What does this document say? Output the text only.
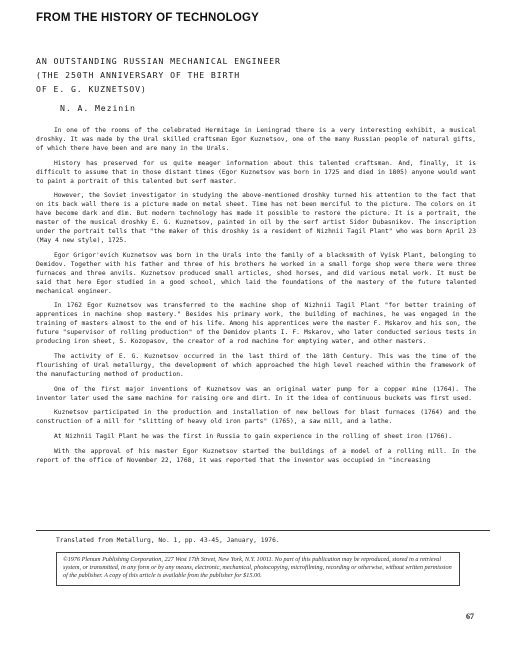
FROM THE HISTORY OF TECHNOLOGY
AN OUTSTANDING RUSSIAN MECHANICAL ENGINEER
(THE 250TH ANNIVERSARY OF THE BIRTH
OF E. G. KUZNETSOV)
N. A. Mezinin

In one of the rooms of the celebrated Hermitage in Leningrad there is a very interesting exhibit, a musical droshky. It was made by the Ural skilled craftsman Egor Kuznetsov, one of the many Russian people of natural gifts, of which there have been and are many in the Urals.

History has preserved for us quite meager information about this talented craftsman. And, finally, it is difficult to assume that in those distant times (Egor Kuznetsov was born in 1725 and died in 1805) anyone would want to paint a portrait of this talented but serf master.

However, the Soviet investigator in studying the above-mentioned droshky turned his attention to the fact that on its back wall there is a picture made on metal sheet. Time has not been merciful to the picture. The colors on it have become dark and dim. But modern technology has made it possible to restore the picture. It is a portrait, the master of the musical droshky E. G. Kuznetsov, painted in oil by the serf artist Sidor Dubasnikov. The inscription under the portrait tells that "the maker of this droshky is a resident of Nizhnii Tagil Plant" who was born April 23 (May 4 new style), 1725.

Egor Grigor'evich Kuznetsov was born in the Urals into the family of a blacksmith of Vyisk Plant, belonging to Demidov. Together with his father and three of his brothers he worked in a small forge shop were there were three furnaces and three anvils. Kuznetsov produced small articles, shod horses, and did various metal work. It must be said that here Egor studied in a good school, which laid the foundations of the mastery of the future talented mechanical engineer.

In 1762 Egor Kuznetsov was transferred to the machine shop of Nizhnii Tagil Plant "for better training of apprentices in machine shop mastery." Besides his primary work, the building of machines, he was engaged in the training of masters almost to the end of his life. Among his apprentices were the master F. Mskarov and his son, the future "supervisor of rolling production" of the Demidov plants I. F. Mskarov, who later conducted serious tests in producing iron sheet, S. Kozopasov, the creator of a rod machine for emptying water, and other masters.

The activity of E. G. Kuznetsov occurred in the last third of the 18th Century. This was the time of the flourishing of Ural metallurgy, the development of which approached the high level reached within the framework of the manufacturing method of production.

One of the first major inventions of Kuznetsov was an original water pump for a copper mine (1764). The inventor later used the same machine for raising ore and dirt. In it the idea of continuous buckets was first used.

Kuznetsov participated in the production and installation of new bellows for blast furnaces (1764) and the construction of a mill for "slitting of heavy old iron parts" (1765), a saw mill, and a lathe.

At Nizhnii Tagil Plant he was the first in Russia to gain experience in the rolling of sheet iron (1766).

With the approval of his master Egor Kuznetsov started the buildings of a model of a rolling mill. In the report of the office of November 22, 1768, it was reported that the inventor was occupied in "increasing

Translated from Metallurg, No. 1, pp. 43-45, January, 1976.
©1976 Plenum Publishing Corporation, 227 West 17th Street, New York, N.Y. 10011. No part of this publication may be reproduced, stored in a retrieval system, or transmitted, in any form or by any means, electronic, mechanical, photocopying, microfilming, recording or otherwise, without written permission of the publisher. A copy of this article is available from the publisher for $15.00.
67
